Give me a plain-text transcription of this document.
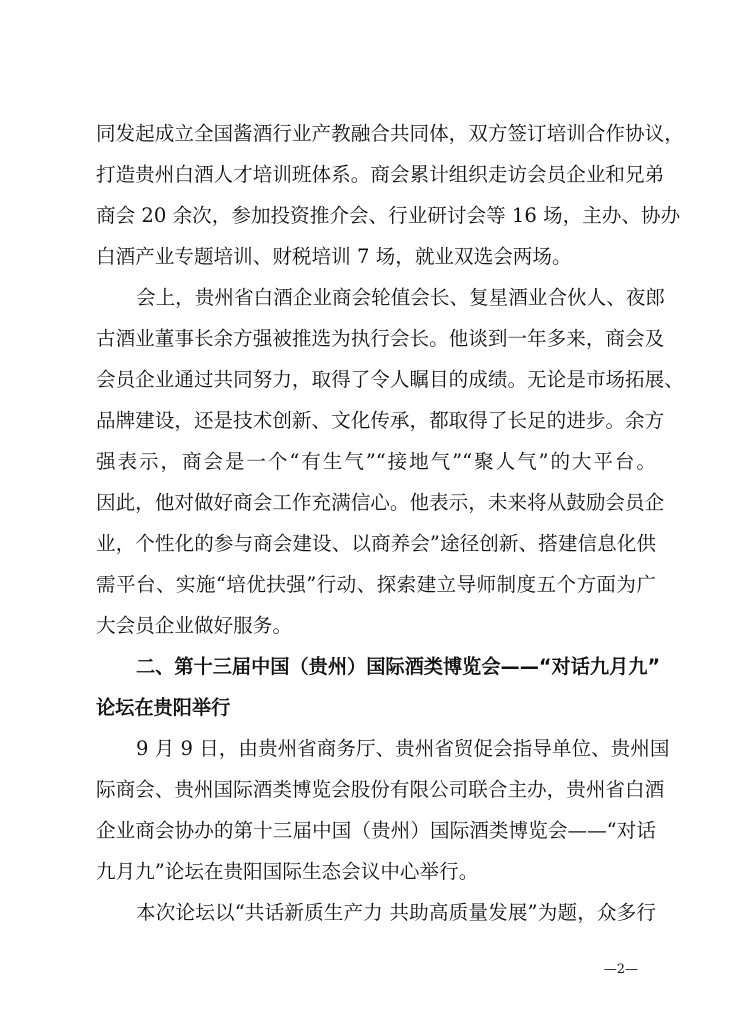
同发起成立全国酱酒行业产教融合共同体，双方签订培训合作协议，
打造贵州白酒人才培训班体系。商会累计组织走访会员企业和兄弟
商会 20 余次，参加投资推介会、行业研讨会等 16 场，主办、协办
白酒产业专题培训、财税培训 7 场，就业双选会两场。
会上，贵州省白酒企业商会轮值会长、复星酒业合伙人、夜郎
古酒业董事长余方强被推选为执行会长。他谈到一年多来，商会及
会员企业通过共同努力，取得了令人瞩目的成绩。无论是市场拓展、
品牌建设，还是技术创新、文化传承，都取得了长足的进步。余方
强表示，商会是一个“有生气”“接地气”“聚人气”的大平台。
因此，他对做好商会工作充满信心。他表示，未来将从鼓励会员企
业，个性化的参与商会建设、以商养会”途径创新、搭建信息化供
需平台、实施“培优扶强”行动、探索建立导师制度五个方面为广
大会员企业做好服务。
二、第十三届中国（贵州）国际酒类博览会——“对话九月九”
论坛在贵阳举行
9 月 9 日，由贵州省商务厅、贵州省贸促会指导单位、贵州国
际商会、贵州国际酒类博览会股份有限公司联合主办，贵州省白酒
企业商会协办的第十三届中国（贵州）国际酒类博览会——“对话
九月九”论坛在贵阳国际生态会议中心举行。
本次论坛以“共话新质生产力 共助高质量发展”为题，众多行
—2—
